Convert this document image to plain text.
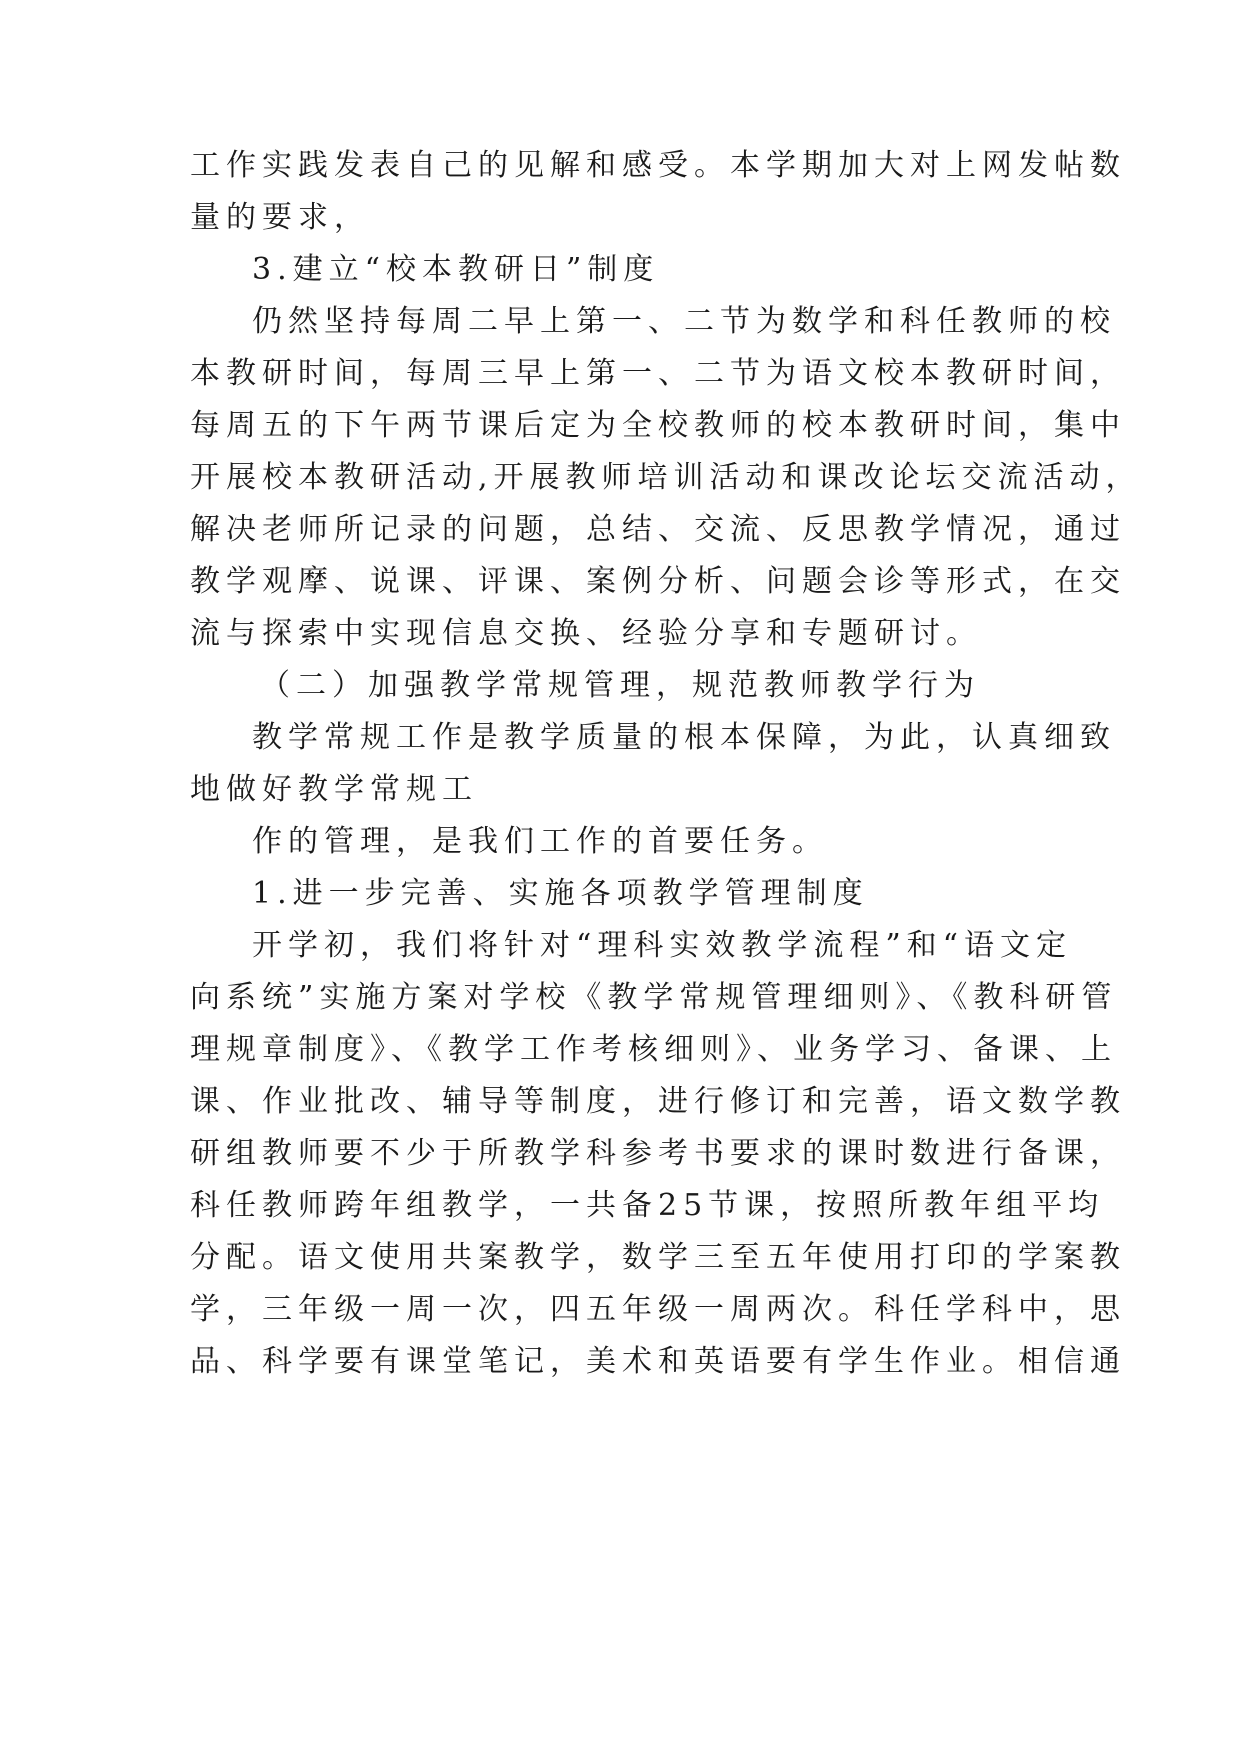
工作实践发表自己的见解和感受。本学期加大对上网发帖数
量的要求，
3.建立“校本教研日”制度
仍然坚持每周二早上第一、二节为数学和科任教师的校
本教研时间，每周三早上第一、二节为语文校本教研时间，
每周五的下午两节课后定为全校教师的校本教研时间，集中
开展校本教研活动,开展教师培训活动和课改论坛交流活动，
解决老师所记录的问题，总结、交流、反思教学情况，通过
教学观摩、说课、评课、案例分析、问题会诊等形式，在交
流与探索中实现信息交换、经验分享和专题研讨。
（二）加强教学常规管理，规范教师教学行为
教学常规工作是教学质量的根本保障，为此，认真细致
地做好教学常规工
作的管理，是我们工作的首要任务。
1.进一步完善、实施各项教学管理制度
开学初，我们将针对“理科实效教学流程”和“语文定
向系统”实施方案对学校《教学常规管理细则》、《教科研管
理规章制度》、《教学工作考核细则》、业务学习、备课、上
课、作业批改、辅导等制度，进行修订和完善，语文数学教
研组教师要不少于所教学科参考书要求的课时数进行备课，
科任教师跨年组教学，一共备25节课，按照所教年组平均
分配。语文使用共案教学，数学三至五年使用打印的学案教
学，三年级一周一次，四五年级一周两次。科任学科中，思
品、科学要有课堂笔记，美术和英语要有学生作业。相信通
